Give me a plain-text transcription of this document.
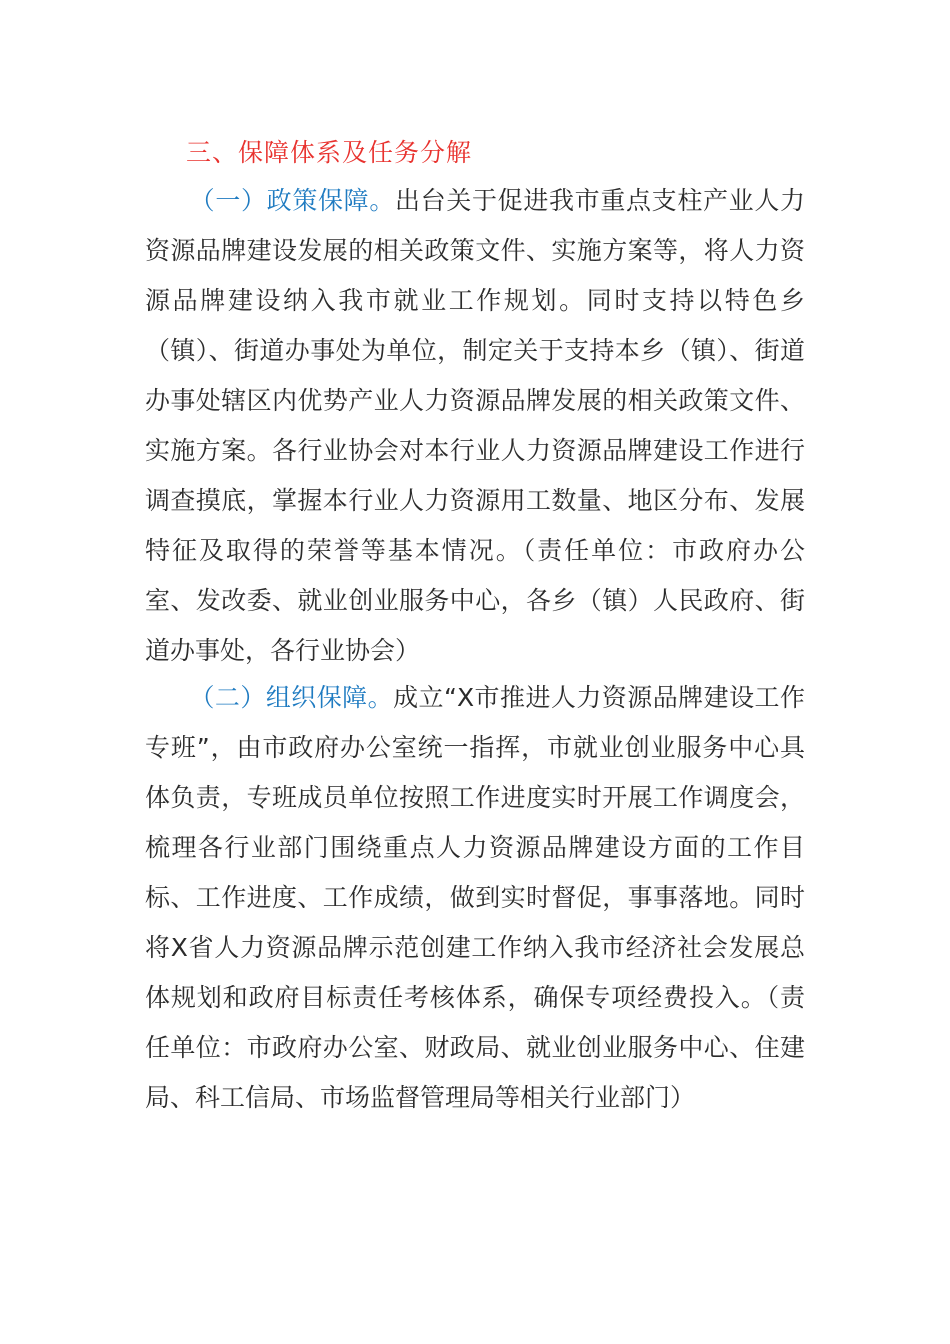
三、保障体系及任务分解

（一）政策保障。出台关于促进我市重点支柱产业人力资源品牌建设发展的相关政策文件、实施方案等，将人力资源品牌建设纳入我市就业工作规划。同时支持以特色乡（镇）、街道办事处为单位，制定关于支持本乡（镇）、街道办事处辖区内优势产业人力资源品牌发展的相关政策文件、实施方案。各行业协会对本行业人力资源品牌建设工作进行调查摸底，掌握本行业人力资源用工数量、地区分布、发展特征及取得的荣誉等基本情况。（责任单位：市政府办公室、发改委、就业创业服务中心，各乡（镇）人民政府、街道办事处，各行业协会）

（二）组织保障。成立“X市推进人力资源品牌建设工作专班”，由市政府办公室统一指挥，市就业创业服务中心具体负责，专班成员单位按照工作进度实时开展工作调度会，梳理各行业部门围绕重点人力资源品牌建设方面的工作目标、工作进度、工作成绩，做到实时督促，事事落地。同时将X省人力资源品牌示范创建工作纳入我市经济社会发展总体规划和政府目标责任考核体系，确保专项经费投入。（责任单位：市政府办公室、财政局、就业创业服务中心、住建局、科工信局、市场监督管理局等相关行业部门）
